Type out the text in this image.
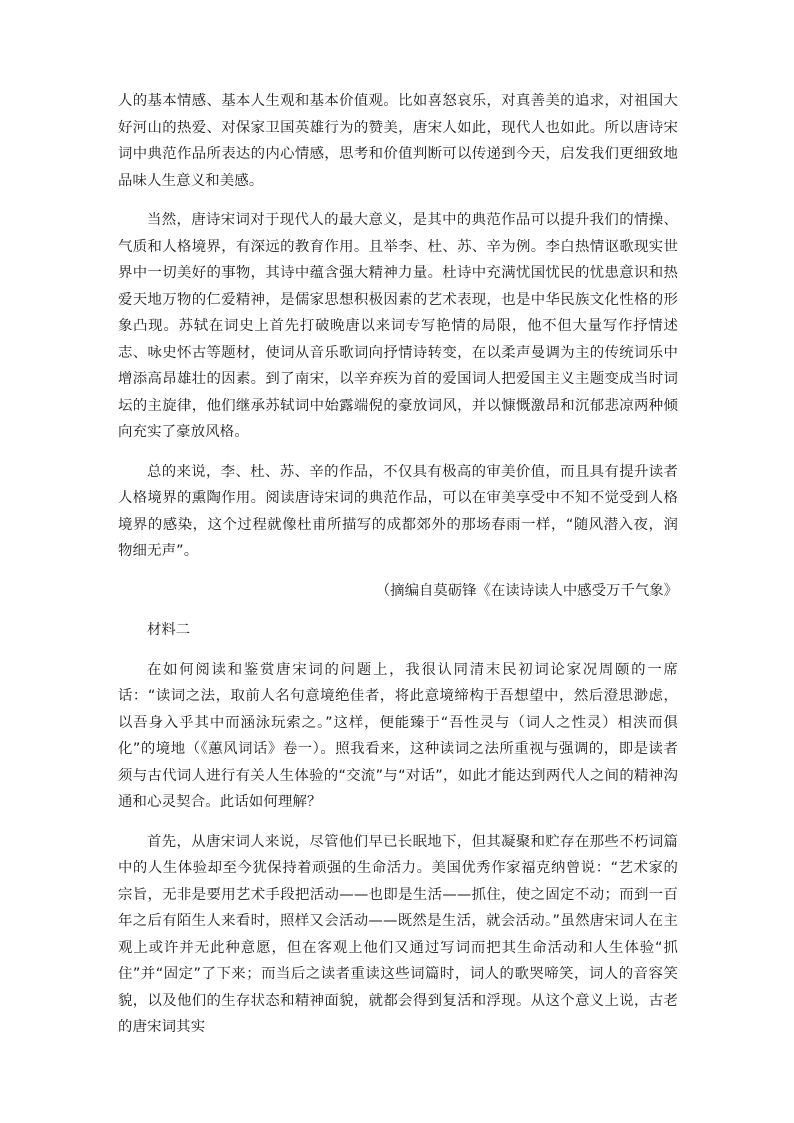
人的基本情感、基本人生观和基本价值观。比如喜怒哀乐，对真善美的追求，对祖国大好河山的热爱、对保家卫国英雄行为的赞美，唐宋人如此，现代人也如此。所以唐诗宋词中典范作品所表达的内心情感，思考和价值判断可以传递到今天，启发我们更细致地品味人生意义和美感。

当然，唐诗宋词对于现代人的最大意义，是其中的典范作品可以提升我们的情操、气质和人格境界，有深远的教育作用。且举李、杜、苏、辛为例。李白热情讴歌现实世界中一切美好的事物，其诗中蕴含强大精神力量。杜诗中充满忧国忧民的忧患意识和热爱天地万物的仁爱精神，是儒家思想积极因素的艺术表现，也是中华民族文化性格的形象凸现。苏轼在词史上首先打破晚唐以来词专写艳情的局限，他不但大量写作抒情述志、咏史怀古等题材，使词从音乐歌词向抒情诗转变，在以柔声曼调为主的传统词乐中增添高昂雄壮的因素。到了南宋，以辛弃疾为首的爱国词人把爱国主义主题变成当时词坛的主旋律，他们继承苏轼词中始露端倪的豪放词风，并以慷慨激昂和沉郁悲凉两种倾向充实了豪放风格。

总的来说，李、杜、苏、辛的作品，不仅具有极高的审美价值，而且具有提升读者人格境界的熏陶作用。阅读唐诗宋词的典范作品，可以在审美享受中不知不觉受到人格境界的感染，这个过程就像杜甫所描写的成都郊外的那场春雨一样，“随风潜入夜，润物细无声”。

（摘编自莫砺锋《在读诗读人中感受万千气象》

材料二

在如何阅读和鉴赏唐宋词的问题上，我很认同清末民初词论家况周颐的一席话：“读词之法，取前人名句意境绝佳者，将此意境缔构于吾想望中，然后澄思渺虑，以吾身入乎其中而涵泳玩索之。”这样，便能臻于“吾性灵与（词人之性灵）相浃而俱化”的境地（《蕙风词话》卷一）。照我看来，这种读词之法所重视与强调的，即是读者须与古代词人进行有关人生体验的“交流”与“对话”，如此才能达到两代人之间的精神沟通和心灵契合。此话如何理解？

首先，从唐宋词人来说，尽管他们早已长眠地下，但其凝聚和贮存在那些不朽词篇中的人生体验却至今犹保持着顽强的生命活力。美国优秀作家福克纳曾说：“艺术家的宗旨，无非是要用艺术手段把活动——也即是生活——抓住，使之固定不动；而到一百年之后有陌生人来看时，照样又会活动——既然是生活，就会活动。”虽然唐宋词人在主观上或许并无此种意愿，但在客观上他们又通过写词而把其生命活动和人生体验“抓住”并“固定”了下来；而当后之读者重读这些词篇时，词人的歌哭啼笑，词人的音容笑貌，以及他们的生存状态和精神面貌，就都会得到复活和浮现。从这个意义上说，古老的唐宋词其实
